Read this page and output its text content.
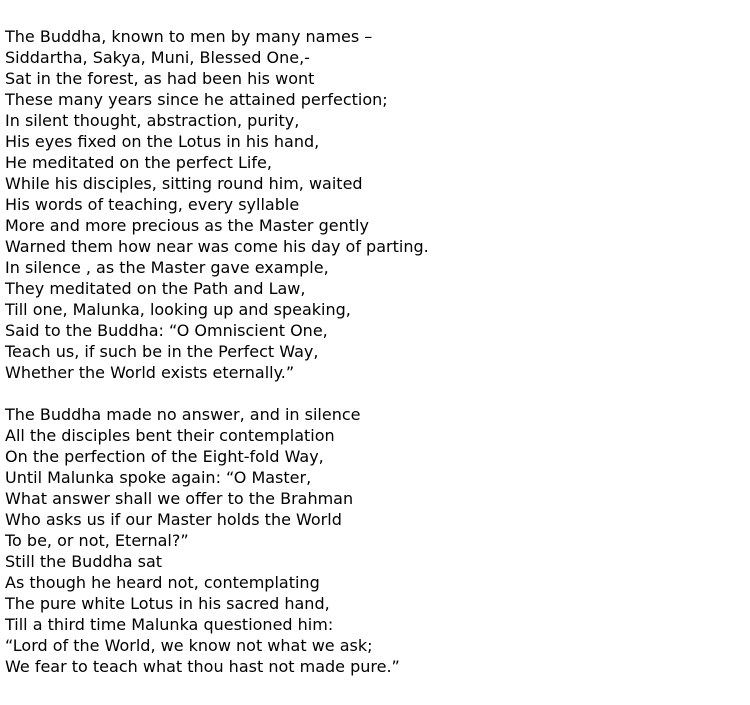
The Buddha, known to men by many names –
Siddartha, Sakya, Muni, Blessed One,-
Sat in the forest, as had been his wont
These many years since he attained perfection;
In silent thought, abstraction, purity,
His eyes fixed on the Lotus in his hand,
He meditated on the perfect Life,
While his disciples, sitting round him, waited
His words of teaching, every syllable
More and more precious as the Master gently
Warned them how near was come his day of parting.
In silence , as the Master gave example,
They meditated on the Path and Law,
Till one, Malunka, looking up and speaking,
Said to the Buddha: “O Omniscient One,
Teach us, if such be in the Perfect Way,
Whether the World exists eternally.”
The Buddha made no answer, and in silence
All the disciples bent their contemplation
On the perfection of the Eight-fold Way,
Until Malunka spoke again: “O Master,
What answer shall we offer to the Brahman
Who asks us if our Master holds the World
To be, or not, Eternal?”
Still the Buddha sat
As though he heard not, contemplating
The pure white Lotus in his sacred hand,
Till a third time Malunka questioned him:
“Lord of the World, we know not what we ask;
We fear to teach what thou hast not made pure.”
